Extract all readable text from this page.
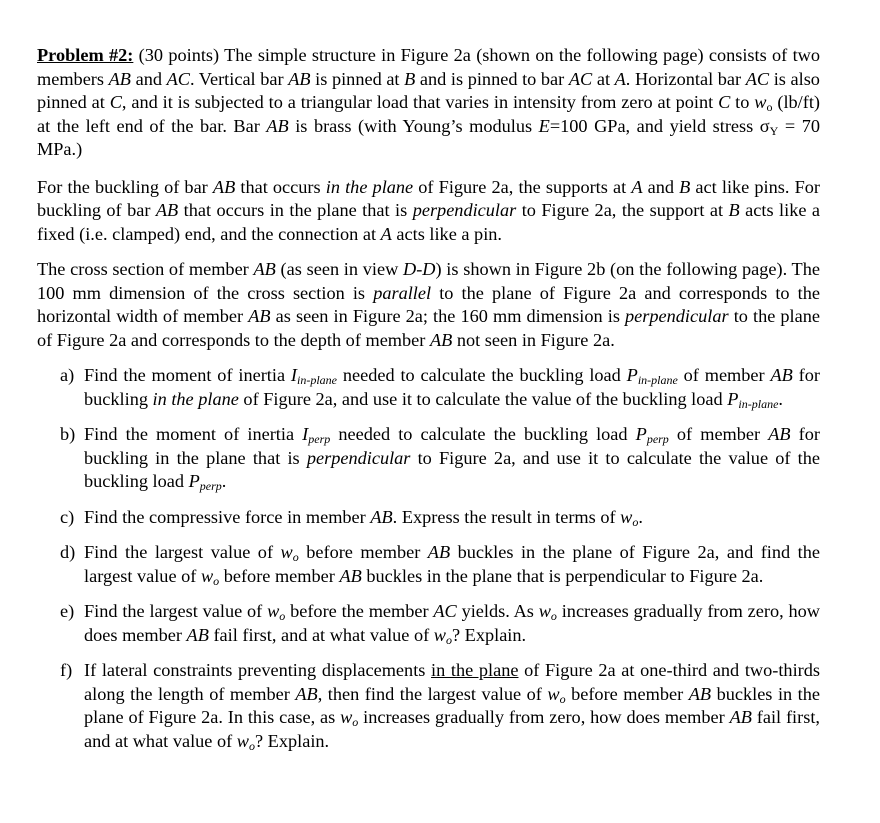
Problem #2: (30 points) The simple structure in Figure 2a (shown on the following page) consists of two members AB and AC. Vertical bar AB is pinned at B and is pinned to bar AC at A. Horizontal bar AC is also pinned at C, and it is subjected to a triangular load that varies in intensity from zero at point C to $w_o$ (lb/ft) at the left end of the bar. Bar AB is brass (with Young’s modulus E=100 GPa, and yield stress $\sigma_Y = 70$ MPa.)

For the buckling of bar AB that occurs in the plane of Figure 2a, the supports at A and B act like pins. For buckling of bar AB that occurs in the plane that is perpendicular to Figure 2a, the support at B acts like a fixed (i.e. clamped) end, and the connection at A acts like a pin.

The cross section of member AB (as seen in view D-D) is shown in Figure 2b (on the following page). The 100 mm dimension of the cross section is parallel to the plane of Figure 2a and corresponds to the horizontal width of member AB as seen in Figure 2a; the 160 mm dimension is perpendicular to the plane of Figure 2a and corresponds to the depth of member AB not seen in Figure 2a.

a) Find the moment of inertia $I_{in-plane}$ needed to calculate the buckling load $P_{in-plane}$ of member AB for buckling in the plane of Figure 2a, and use it to calculate the value of the buckling load $P_{in-plane}$.
b) Find the moment of inertia $I_{perp}$ needed to calculate the buckling load $P_{perp}$ of member AB for buckling in the plane that is perpendicular to Figure 2a, and use it to calculate the value of the buckling load $P_{perp}$.
c) Find the compressive force in member AB. Express the result in terms of $w_o$.
d) Find the largest value of $w_o$ before member AB buckles in the plane of Figure 2a, and find the largest value of $w_o$ before member AB buckles in the plane that is perpendicular to Figure 2a.
e) Find the largest value of $w_o$ before the member AC yields. As $w_o$ increases gradually from zero, how does member AB fail first, and at what value of $w_o$? Explain.
f) If lateral constraints preventing displacements in the plane of Figure 2a at one-third and two-thirds along the length of member AB, then find the largest value of $w_o$ before member AB buckles in the plane of Figure 2a. In this case, as $w_o$ increases gradually from zero, how does member AB fail first, and at what value of $w_o$? Explain.
